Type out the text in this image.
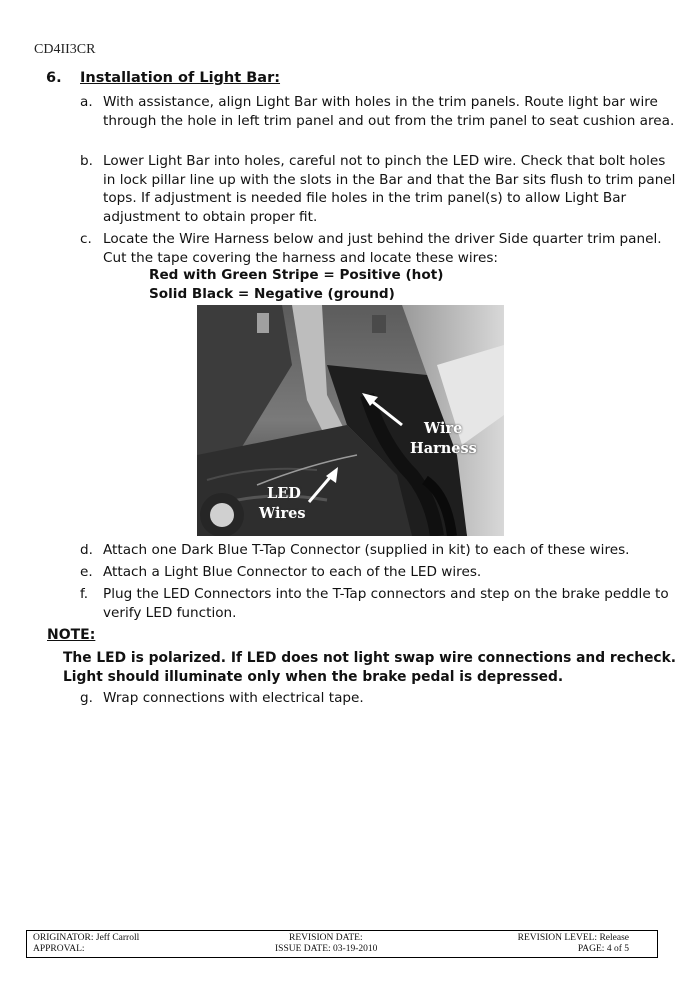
CD4II3CR
6. Installation of Light Bar:
a. With assistance, align Light Bar with holes in the trim panels. Route light bar wire through the hole in left trim panel and out from the trim panel to seat cushion area.
b. Lower Light Bar into holes, careful not to pinch the LED wire. Check that bolt holes in lock pillar line up with the slots in the Bar and that the Bar sits flush to trim panel tops. If adjustment is needed file holes in the trim panel(s) to allow Light Bar adjustment to obtain proper fit.
c. Locate the Wire Harness below and just behind the driver Side quarter trim panel. Cut the tape covering the harness and locate these wires:
Red with Green Stripe = Positive (hot)
Solid Black = Negative (ground)
Wire
Harness
LED
Wires
d. Attach one Dark Blue T-Tap Connector (supplied in kit) to each of these wires.
e. Attach a Light Blue Connector to each of the LED wires.
f. Plug the LED Connectors into the T-Tap connectors and step on the brake peddle to verify LED function.
NOTE:
The LED is polarized. If LED does not light swap wire connections and recheck. Light should illuminate only when the brake pedal is depressed.
g. Wrap connections with electrical tape.
ORIGINATOR: Jeff Carroll
APPROVAL:
REVISION DATE:
ISSUE DATE: 03-19-2010
REVISION LEVEL: Release
PAGE: 4 of 5
